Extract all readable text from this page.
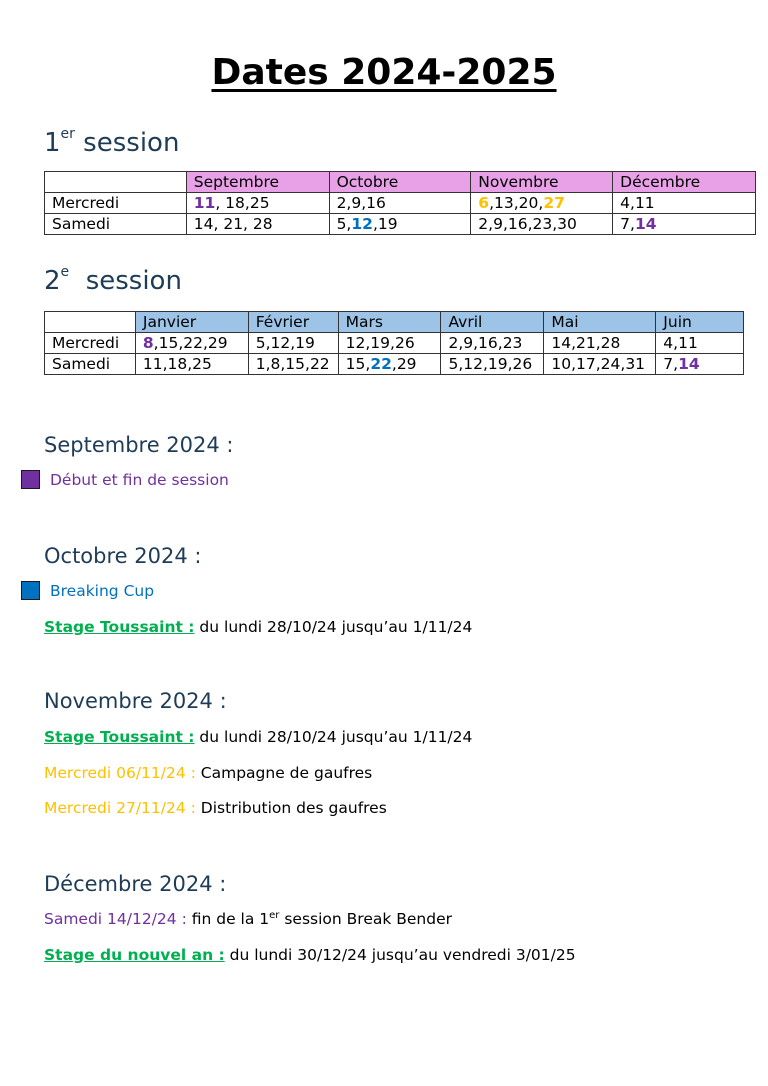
Dates 2024-2025
1er session
	Septembre	Octobre	Novembre	Décembre
Mercredi	11, 18,25	2,9,16	6,13,20,27	4,11
Samedi	14, 21, 28	5,12,19	2,9,16,23,30	7,14
2e  session
	Janvier	Février	Mars	Avril	Mai	Juin
Mercredi	8,15,22,29	5,12,19	12,19,26	2,9,16,23	14,21,28	4,11
Samedi	11,18,25	1,8,15,22	15,22,29	5,12,19,26	10,17,24,31	7,14
Septembre 2024 :
Début et fin de session
Octobre 2024 :
Breaking Cup
Stage Toussaint : du lundi 28/10/24 jusqu’au 1/11/24
Novembre 2024 :
Stage Toussaint : du lundi 28/10/24 jusqu’au 1/11/24
Mercredi 06/11/24 : Campagne de gaufres
Mercredi 27/11/24 : Distribution des gaufres
Décembre 2024 :
Samedi 14/12/24 : fin de la 1er session Break Bender
Stage du nouvel an : du lundi 30/12/24 jusqu’au vendredi 3/01/25
